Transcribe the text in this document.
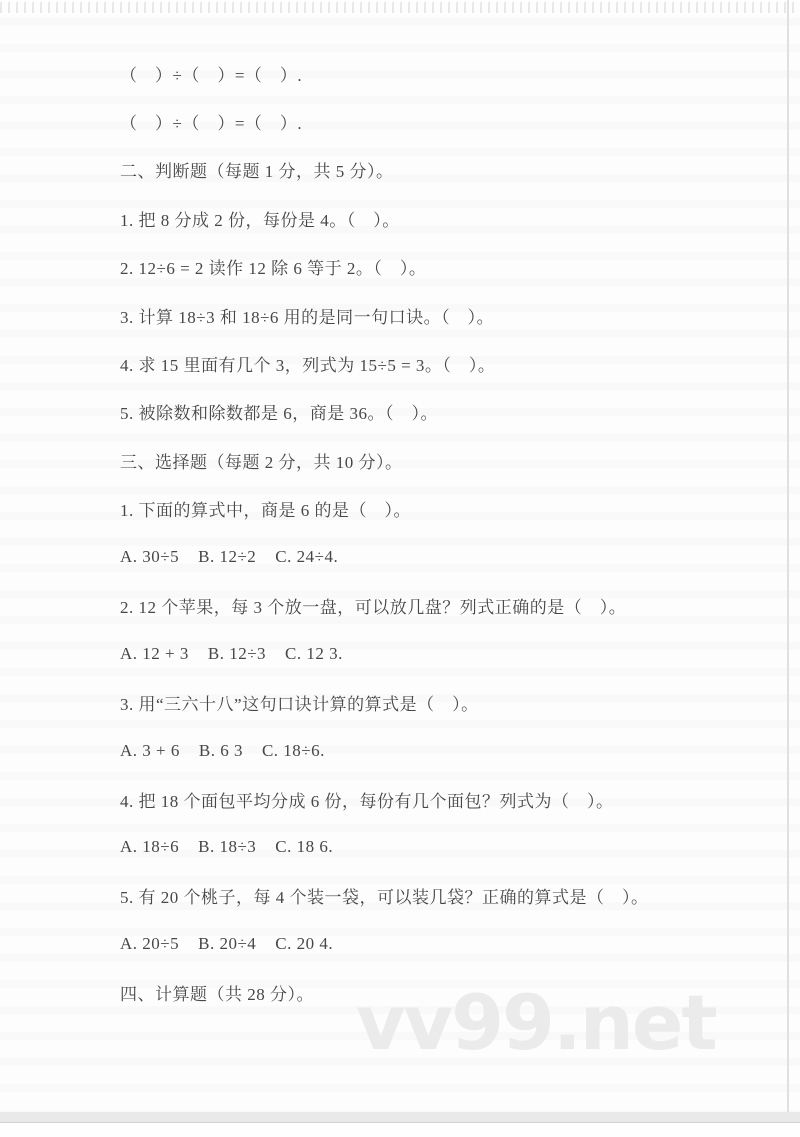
vv99.net
（　）÷（　）=（　）.
（　）÷（　）=（　）.
二、判断题（每题 1 分，共 5 分）。
1. 把 8 分成 2 份，每份是 4。（　）。
2. 12÷6 = 2 读作 12 除 6 等于 2。（　）。
3. 计算 18÷3 和 18÷6 用的是同一句口诀。（　）。
4. 求 15 里面有几个 3，列式为 15÷5 = 3。（　）。
5. 被除数和除数都是 6，商是 36。（　）。
三、选择题（每题 2 分，共 10 分）。
1. 下面的算式中，商是 6 的是（　）。
A. 30÷5    B. 12÷2    C. 24÷4.
2. 12 个苹果，每 3 个放一盘，可以放几盘？列式正确的是（　）。
A. 12 + 3    B. 12÷3    C. 12 3.
3. 用“三六十八”这句口诀计算的算式是（　）。
A. 3 + 6    B. 6 3    C. 18÷6.
4. 把 18 个面包平均分成 6 份，每份有几个面包？列式为（　）。
A. 18÷6    B. 18÷3    C. 18 6.
5. 有 20 个桃子，每 4 个装一袋，可以装几袋？正确的算式是（　）。
A. 20÷5    B. 20÷4    C. 20 4.
四、计算题（共 28 分）。
